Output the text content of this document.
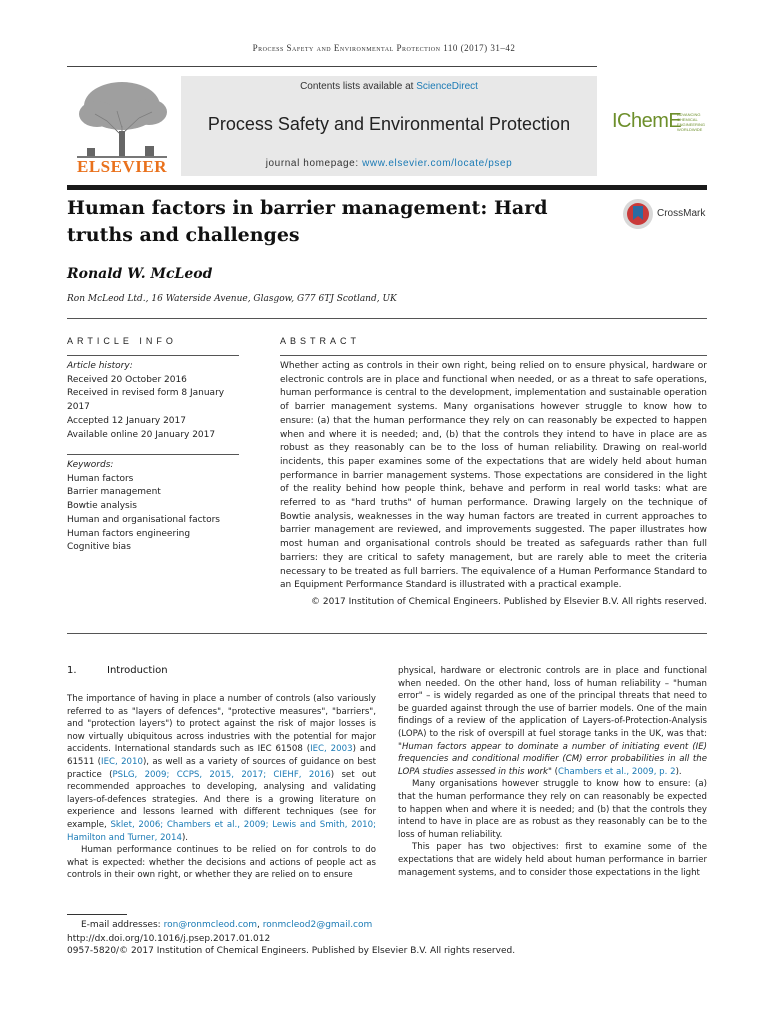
Process Safety and Environmental Protection 110 (2017) 31–42
ELSEVIER
Contents lists available at ScienceDirect
Process Safety and Environmental Protection
journal homepage: www.elsevier.com/locate/psep
IChemE
ADVANCING CHEMICAL ENGINEERING WORLDWIDE
Human factors in barrier management: Hard truths and challenges
CrossMark
Ronald W. McLeod
Ron McLeod Ltd., 16 Waterside Avenue, Glasgow, G77 6TJ Scotland, UK
ARTICLE INFO
Article history:
Received 20 October 2016
Received in revised form 8 January 2017
Accepted 12 January 2017
Available online 20 January 2017
Keywords:
Human factors
Barrier management
Bowtie analysis
Human and organisational factors
Human factors engineering
Cognitive bias
ABSTRACT
Whether acting as controls in their own right, being relied on to ensure physical, hardware or electronic controls are in place and functional when needed, or as a threat to safe operations, human performance is central to the development, implementation and sustainable operation of barrier management systems. Many organisations however struggle to know how to ensure: (a) that the human performance they rely on can reasonably be expected to happen when and where it is needed; and, (b) that the controls they intend to have in place are as robust as they reasonably can be to the loss of human reliability. Drawing on real-world incidents, this paper examines some of the expectations that are widely held about human performance in barrier management systems. Those expectations are considered in the light of the reality behind how people think, behave and perform in real world tasks: what are referred to as "hard truths" of human performance. Drawing largely on the technique of Bowtie analysis, weaknesses in the way human factors are treated in current approaches to barrier management are reviewed, and improvements suggested. The paper illustrates how most human and organisational controls should be treated as safeguards rather than full barriers: they are critical to safety management, but are rarely able to meet the criteria necessary to be treated as full barriers. The equivalence of a Human Performance Standard to an Equipment Performance Standard is illustrated with a practical example.
© 2017 Institution of Chemical Engineers. Published by Elsevier B.V. All rights reserved.
1.	Introduction

The importance of having in place a number of controls (also variously referred to as "layers of defences", "protective measures", "barriers", and "protection layers") to protect against the risk of major losses is now virtually ubiquitous across industries with the potential for major accidents. International standards such as IEC 61508 (IEC, 2003) and 61511 (IEC, 2010), as well as a variety of sources of guidance on best practice (PSLG, 2009; CCPS, 2015, 2017; CIEHF, 2016) set out recommended approaches to developing, analysing and validating layers-of-defences strategies. And there is a growing literature on experience and lessons learned with different techniques (see for example, Sklet, 2006; Chambers et al., 2009; Lewis and Smith, 2010; Hamilton and Turner, 2014).

Human performance continues to be relied on for controls to do what is expected: whether the decisions and actions of people act as controls in their own right, or whether they are relied on to ensure

physical, hardware or electronic controls are in place and functional when needed. On the other hand, loss of human reliability – "human error" – is widely regarded as one of the principal threats that need to be guarded against through the use of barrier models. One of the main findings of a review of the application of Layers-of-Protection-Analysis (LOPA) to the risk of overspill at fuel storage tanks in the UK, was that: "Human factors appear to dominate a number of initiating event (IE) frequencies and conditional modifier (CM) error probabilities in all the LOPA studies assessed in this work" (Chambers et al., 2009, p. 2).

Many organisations however struggle to know how to ensure: (a) that the human performance they rely on can reasonably be expected to happen when and where it is needed; and (b) that the controls they intend to have in place are as robust as they reasonably can be to the loss of human reliability.

This paper has two objectives: first to examine some of the expectations that are widely held about human performance in barrier management systems, and to consider those expectations in the light

E-mail addresses: ron@ronmcleod.com, ronmcleod2@gmail.com
http://dx.doi.org/10.1016/j.psep.2017.01.012
0957-5820/© 2017 Institution of Chemical Engineers. Published by Elsevier B.V. All rights reserved.
